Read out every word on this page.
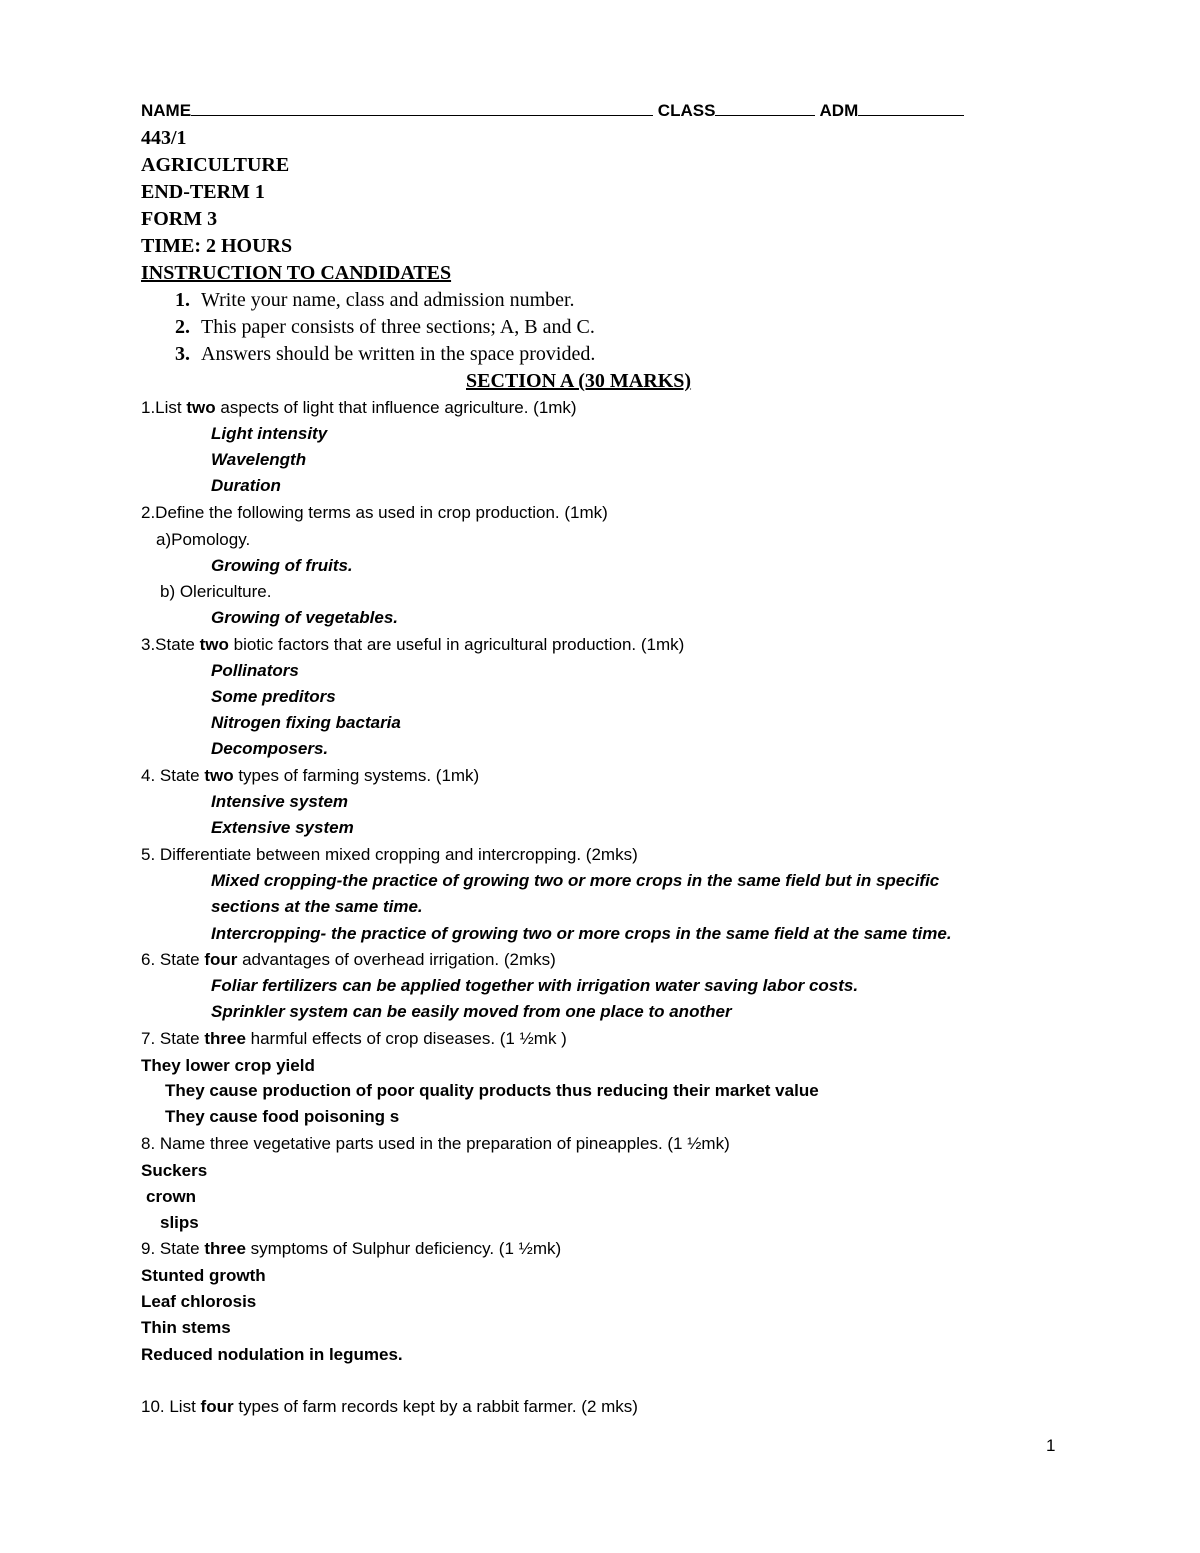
NAME	CLASS	ADM
443/1
AGRICULTURE
END-TERM 1
FORM 3
TIME: 2 HOURS
INSTRUCTION TO CANDIDATES
1. Write your name, class and admission number.
2. This paper consists of three sections; A, B and C.
3. Answers should be written in the space provided.
SECTION A (30 MARKS)
1.List two aspects of light that influence agriculture. (1mk)
Light intensity
Wavelength
Duration
2.Define the following terms as used in crop production. (1mk)
a)Pomology.
Growing of fruits.
b) Olericulture.
Growing of vegetables.
3.State two biotic factors that are useful in agricultural production. (1mk)
Pollinators
Some preditors
Nitrogen fixing bactaria
Decomposers.
4. State two types of farming systems. (1mk)
Intensive system
Extensive system
5. Differentiate between mixed cropping and intercropping. (2mks)
Mixed cropping-the practice of growing two or more crops in the same field but in specific
sections at the same time.
Intercropping- the practice of growing two or more crops in the same field at the same time.
6. State four advantages of overhead irrigation. (2mks)
Foliar fertilizers can be applied together with irrigation water saving labor costs.
Sprinkler system can be easily moved from one place to another
7. State three harmful effects of crop diseases. (1 ½mk )
They lower crop yield
They cause production of poor quality products thus reducing their market value
They cause food poisoning s
8. Name three vegetative parts used in the preparation of pineapples. (1 ½mk)
Suckers
crown
slips
9. State three symptoms of Sulphur deficiency. (1 ½mk)
Stunted growth
Leaf chlorosis
Thin stems
Reduced nodulation in legumes.
10. List four types of farm records kept by a rabbit farmer. (2 mks)
1
